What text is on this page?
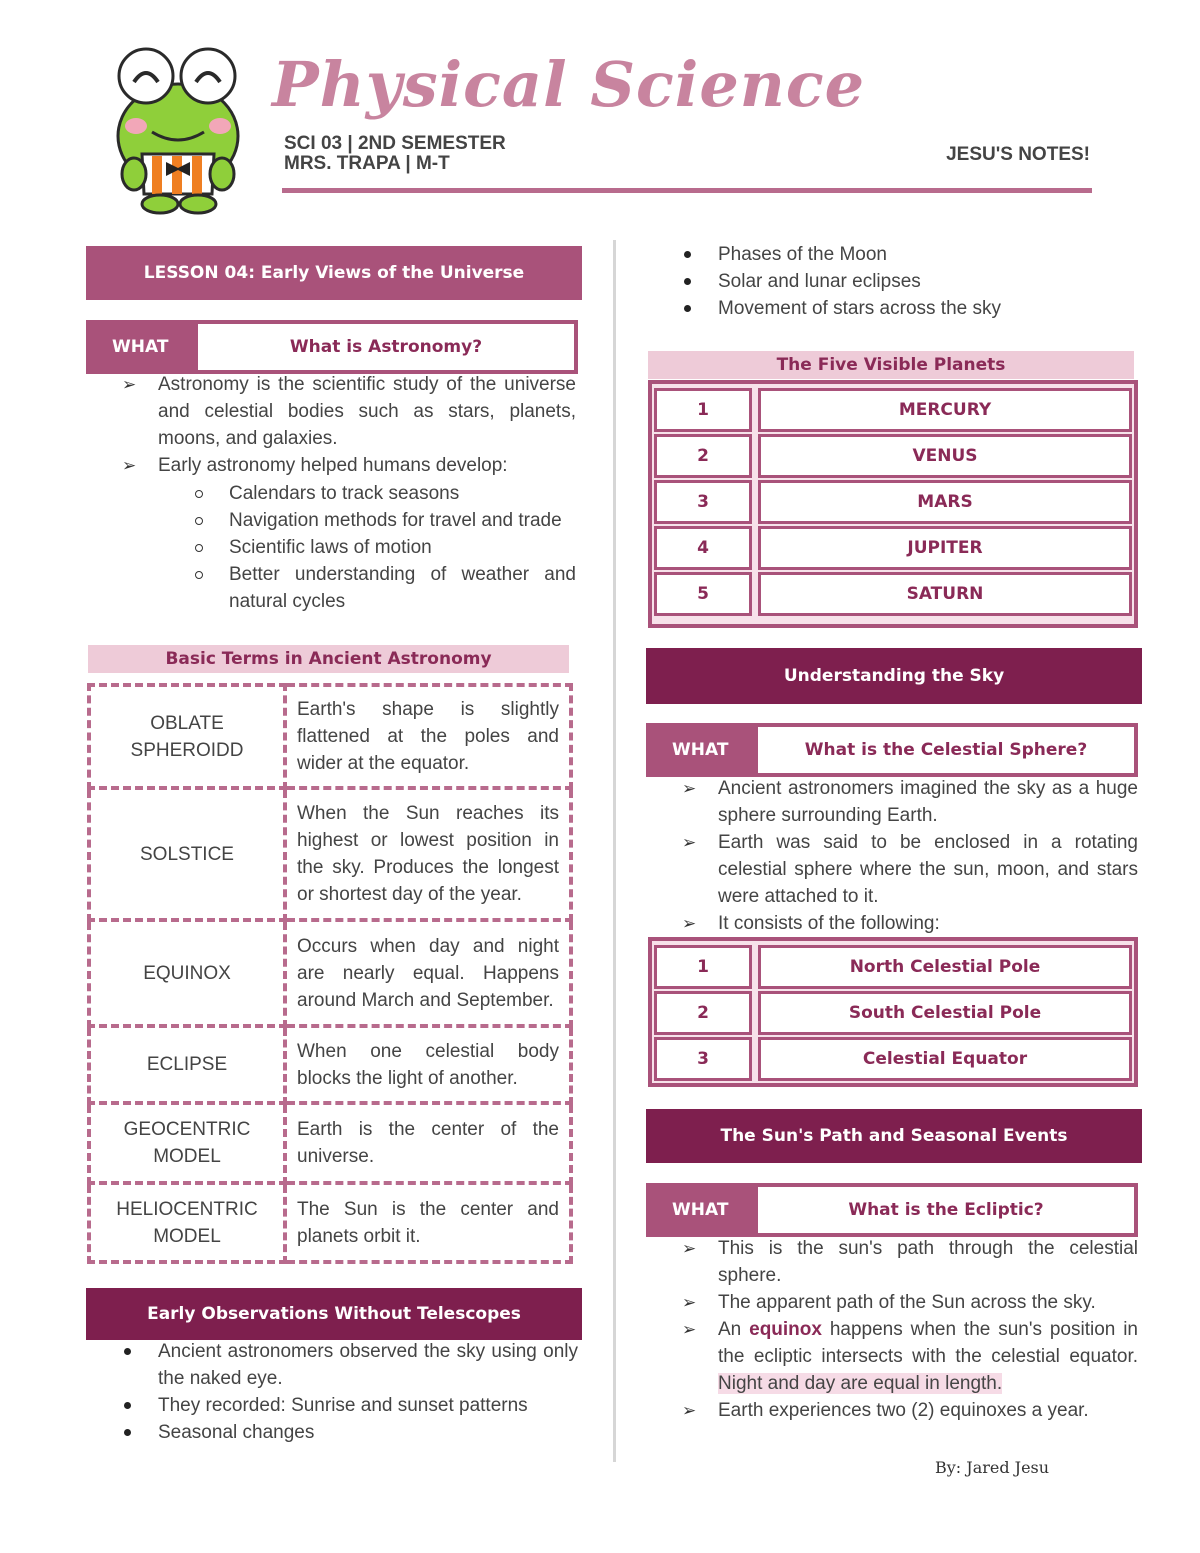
Physical Science
SCI 03 | 2ND SEMESTER
MRS. TRAPA | M-T	JESU'S NOTES!
LESSON 04: Early Views of the Universe
WHAT	What is Astronomy?
➢ Astronomy is the scientific study of the universe and celestial bodies such as stars, planets, moons, and galaxies.
➢ Early astronomy helped humans develop:
Calendars to track seasons
Navigation methods for travel and trade
Scientific laws of motion
Better understanding of weather and natural cycles
Basic Terms in Ancient Astronomy
OBLATE SPHEROIDD	Earth's shape is slightly flattened at the poles and wider at the equator.
SOLSTICE	When the Sun reaches its highest or lowest position in the sky. Produces the longest or shortest day of the year.
EQUINOX	Occurs when day and night are nearly equal. Happens around March and September.
ECLIPSE	When one celestial body blocks the light of another.
GEOCENTRIC MODEL	Earth is the center of the universe.
HELIOCENTRIC MODEL	The Sun is the center and planets orbit it.
Early Observations Without Telescopes
Ancient astronomers observed the sky using only the naked eye.
They recorded: Sunrise and sunset patterns
Seasonal changes
Phases of the Moon
Solar and lunar eclipses
Movement of stars across the sky
The Five Visible Planets
1	MERCURY
2	VENUS
3	MARS
4	JUPITER
5	SATURN
Understanding the Sky
WHAT	What is the Celestial Sphere?
➢ Ancient astronomers imagined the sky as a huge sphere surrounding Earth.
➢ Earth was said to be enclosed in a rotating celestial sphere where the sun, moon, and stars were attached to it.
➢ It consists of the following:
1	North Celestial Pole
2	South Celestial Pole
3	Celestial Equator
The Sun's Path and Seasonal Events
WHAT	What is the Ecliptic?
➢ This is the sun's path through the celestial sphere.
➢ The apparent path of the Sun across the sky.
➢ An equinox happens when the sun's position in the ecliptic intersects with the celestial equator. Night and day are equal in length.
➢ Earth experiences two (2) equinoxes a year.
By: Jared Jesu
